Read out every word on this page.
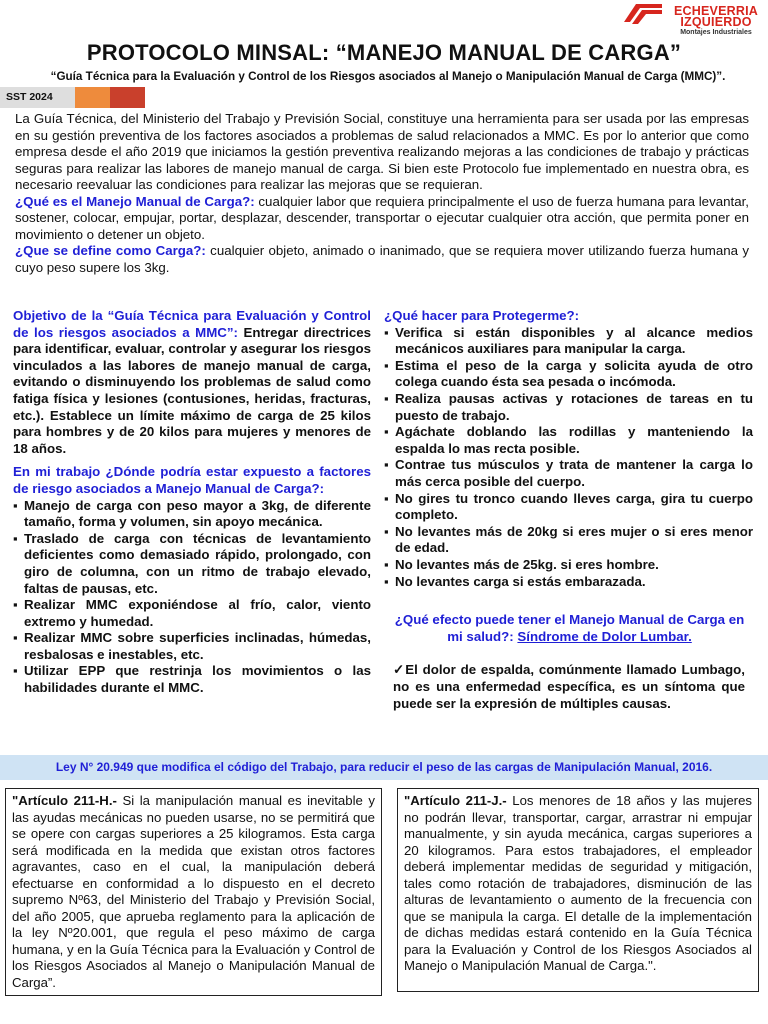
ECHEVERRIA
IZQUIERDO
Montajes Industriales
PROTOCOLO MINSAL: “MANEJO MANUAL DE CARGA”
“Guía Técnica para la Evaluación y Control de los Riesgos asociados al Manejo o Manipulación Manual de Carga (MMC)”.
SST 2024

La Guía Técnica, del Ministerio del Trabajo y Previsión Social, constituye una herramienta para ser usada por las empresas en su gestión preventiva de los factores asociados a problemas de salud relacionados a MMC. Es por lo anterior que como empresa desde el año 2019 que iniciamos la gestión preventiva realizando mejoras a las condiciones de trabajo y prácticas seguras para realizar las labores de manejo manual de carga. Si bien este Protocolo fue implementado en nuestra obra, es necesario reevaluar las condiciones para realizar las mejoras que se requieran.

¿Qué es el Manejo Manual de Carga?: cualquier labor que requiera principalmente el uso de fuerza humana para levantar, sostener, colocar, empujar, portar, desplazar, descender, transportar o ejecutar cualquier otra acción, que permita poner en movimiento o detener un objeto.

¿Que se define como Carga?: cualquier objeto, animado o inanimado, que se requiera mover utilizando fuerza humana y cuyo peso supere los 3kg.

Objetivo de la “Guía Técnica para Evaluación y Control de los riesgos asociados a MMC”: Entregar directrices para identificar, evaluar, controlar y asegurar los riesgos vinculados a las labores de manejo manual de carga, evitando o disminuyendo los problemas de salud como fatiga física y lesiones (contusiones, heridas, fracturas, etc.). Establece un límite máximo de carga de 25 kilos para hombres y de 20 kilos para mujeres y menores de 18 años.

En mi trabajo ¿Dónde podría estar expuesto a factores de riesgo asociados a Manejo Manual de Carga?:

▪ Manejo de carga con peso mayor a 3kg, de diferente tamaño, forma y volumen, sin apoyo mecánica.
▪ Traslado de carga con técnicas de levantamiento deficientes como demasiado rápido, prolongado, con giro de columna, con un ritmo de trabajo elevado, faltas de pausas, etc.
▪ Realizar MMC exponiéndose al frío, calor, viento extremo y humedad.
▪ Realizar MMC sobre superficies inclinadas, húmedas, resbalosas e inestables, etc.
▪ Utilizar EPP que restrinja los movimientos o las habilidades durante el MMC.

¿Qué hacer para Protegerme?:

▪ Verifica si están disponibles y al alcance medios mecánicos auxiliares para manipular la carga.
▪ Estima el peso de la carga y solicita ayuda de otro colega cuando ésta sea pesada o incómoda.
▪ Realiza pausas activas y rotaciones de tareas en tu puesto de trabajo.
▪ Agáchate doblando las rodillas y manteniendo la espalda lo mas recta posible.
▪ Contrae tus músculos y trata de mantener la carga lo más cerca posible del cuerpo.
▪ No gires tu tronco cuando lleves carga, gira tu cuerpo completo.
▪ No levantes más de 20kg si eres mujer o si eres menor de edad.
▪ No levantes más de 25kg. si eres hombre.
▪ No levantes carga si estás embarazada.
¿Qué efecto puede tener el Manejo Manual de Carga en mi salud?: Síndrome de Dolor Lumbar.
✓El dolor de espalda, comúnmente llamado Lumbago, no es una enfermedad específica, es un síntoma que puede ser la expresión de múltiples causas.
Ley N° 20.949 que modifica el código del Trabajo, para reducir el peso de las cargas de Manipulación Manual, 2016.
"Artículo 211-H.- Si la manipulación manual es inevitable y las ayudas mecánicas no pueden usarse, no se permitirá que se opere con cargas superiores a 25 kilogramos. Esta carga será modificada en la medida que existan otros factores agravantes, caso en el cual, la manipulación deberá efectuarse en conformidad a lo dispuesto en el decreto supremo Nº63, del Ministerio del Trabajo y Previsión Social, del año 2005, que aprueba reglamento para la aplicación de la ley Nº20.001, que regula el peso máximo de carga humana, y en la Guía Técnica para la Evaluación y Control de los Riesgos Asociados al Manejo o Manipulación Manual de Carga”.
"Artículo 211-J.- Los menores de 18 años y las mujeres no podrán llevar, transportar, cargar, arrastrar ni empujar manualmente, y sin ayuda mecánica, cargas superiores a 20 kilogramos. Para estos trabajadores, el empleador deberá implementar medidas de seguridad y mitigación, tales como rotación de trabajadores, disminución de las alturas de levantamiento o aumento de la frecuencia con que se manipula la carga. El detalle de la implementación de dichas medidas estará contenido en la Guía Técnica para la Evaluación y Control de los Riesgos Asociados al Manejo o Manipulación Manual de Carga.".
